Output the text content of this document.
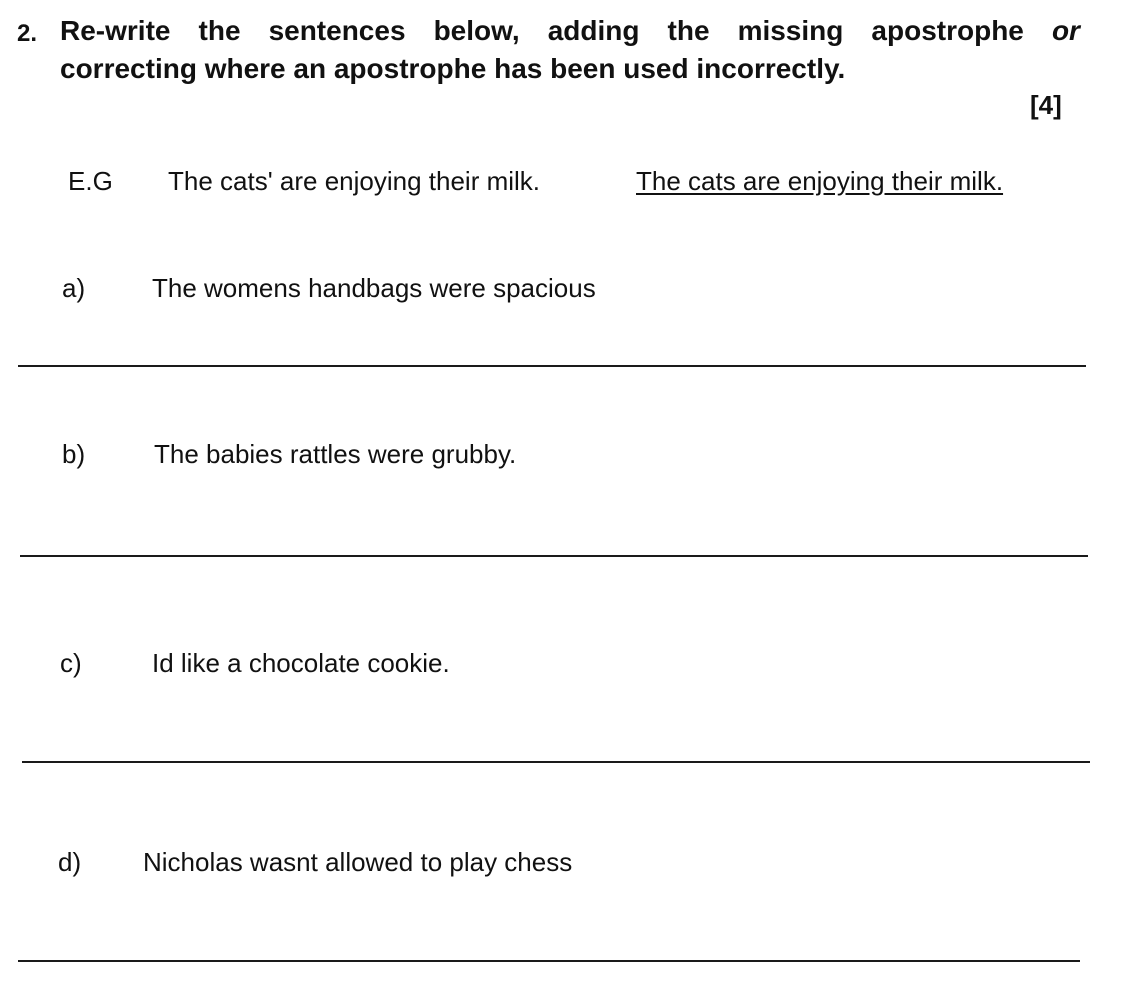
2. Re-write the sentences below, adding the missing apostrophe or
correcting where an apostrophe has been used incorrectly.
[4]
E.G The cats' are enjoying their milk.	The cats are enjoying their milk.
a)	The womens handbags were spacious
b)	The babies rattles were grubby.
c)	Id like a chocolate cookie.
d) Nicholas wasnt allowed to play chess
